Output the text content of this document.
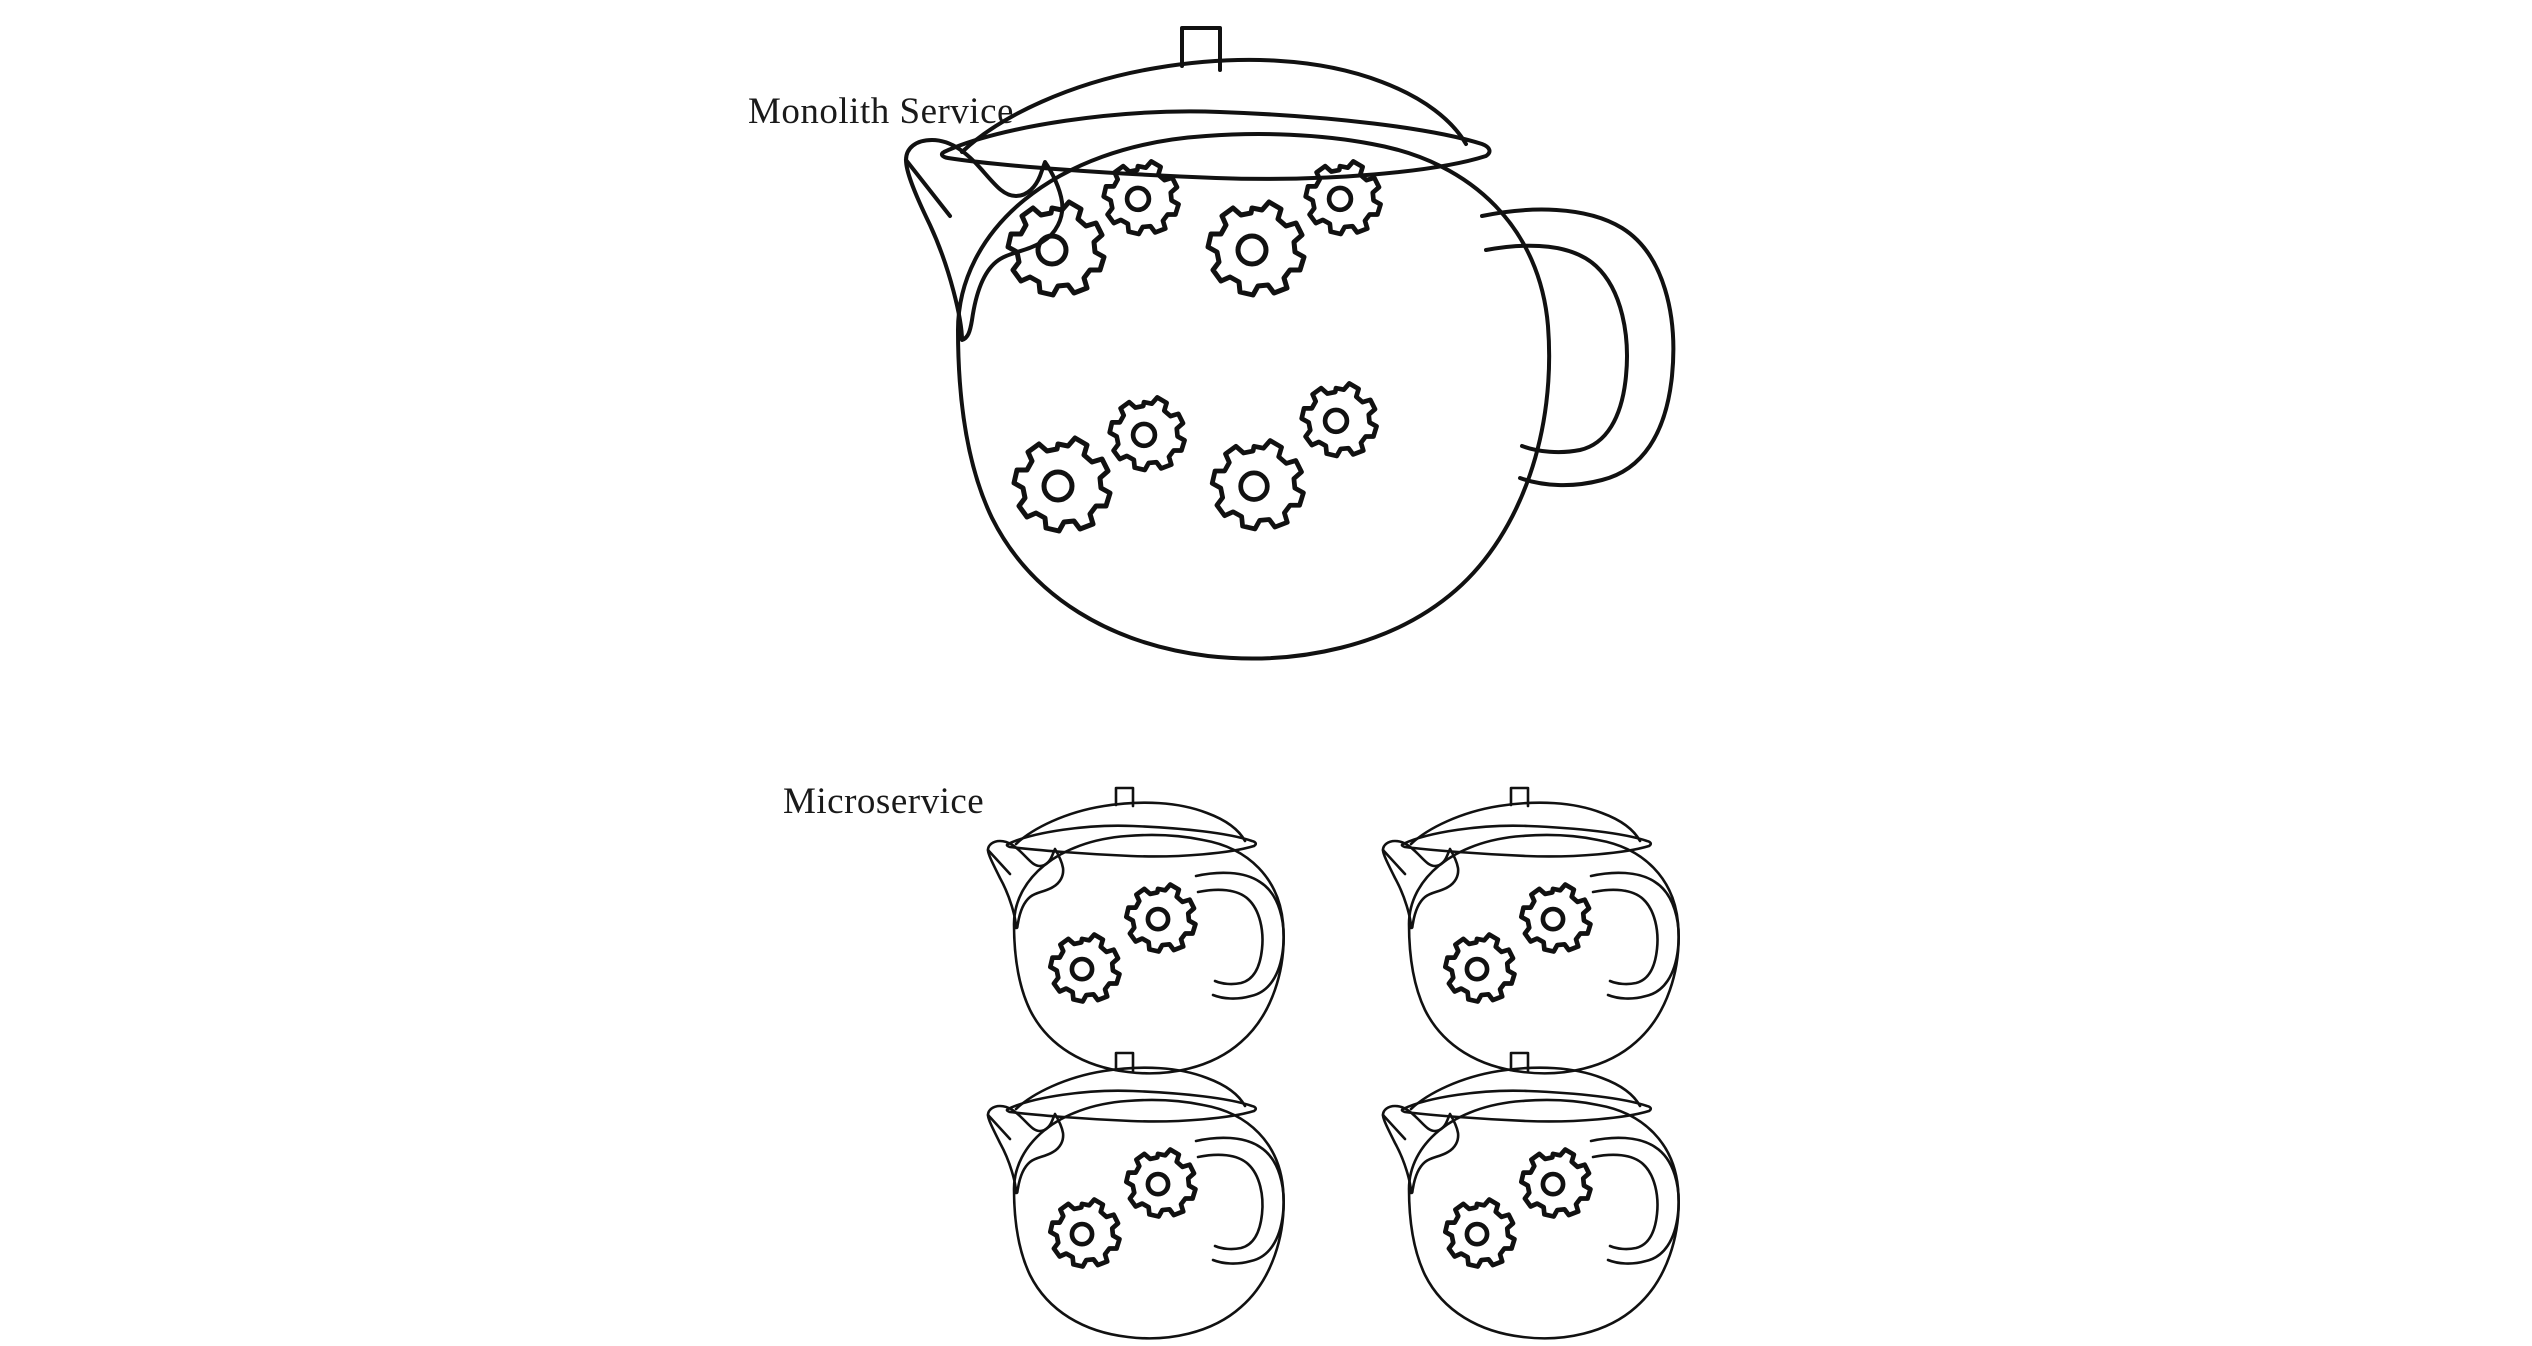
Monolith Service
Microservice
